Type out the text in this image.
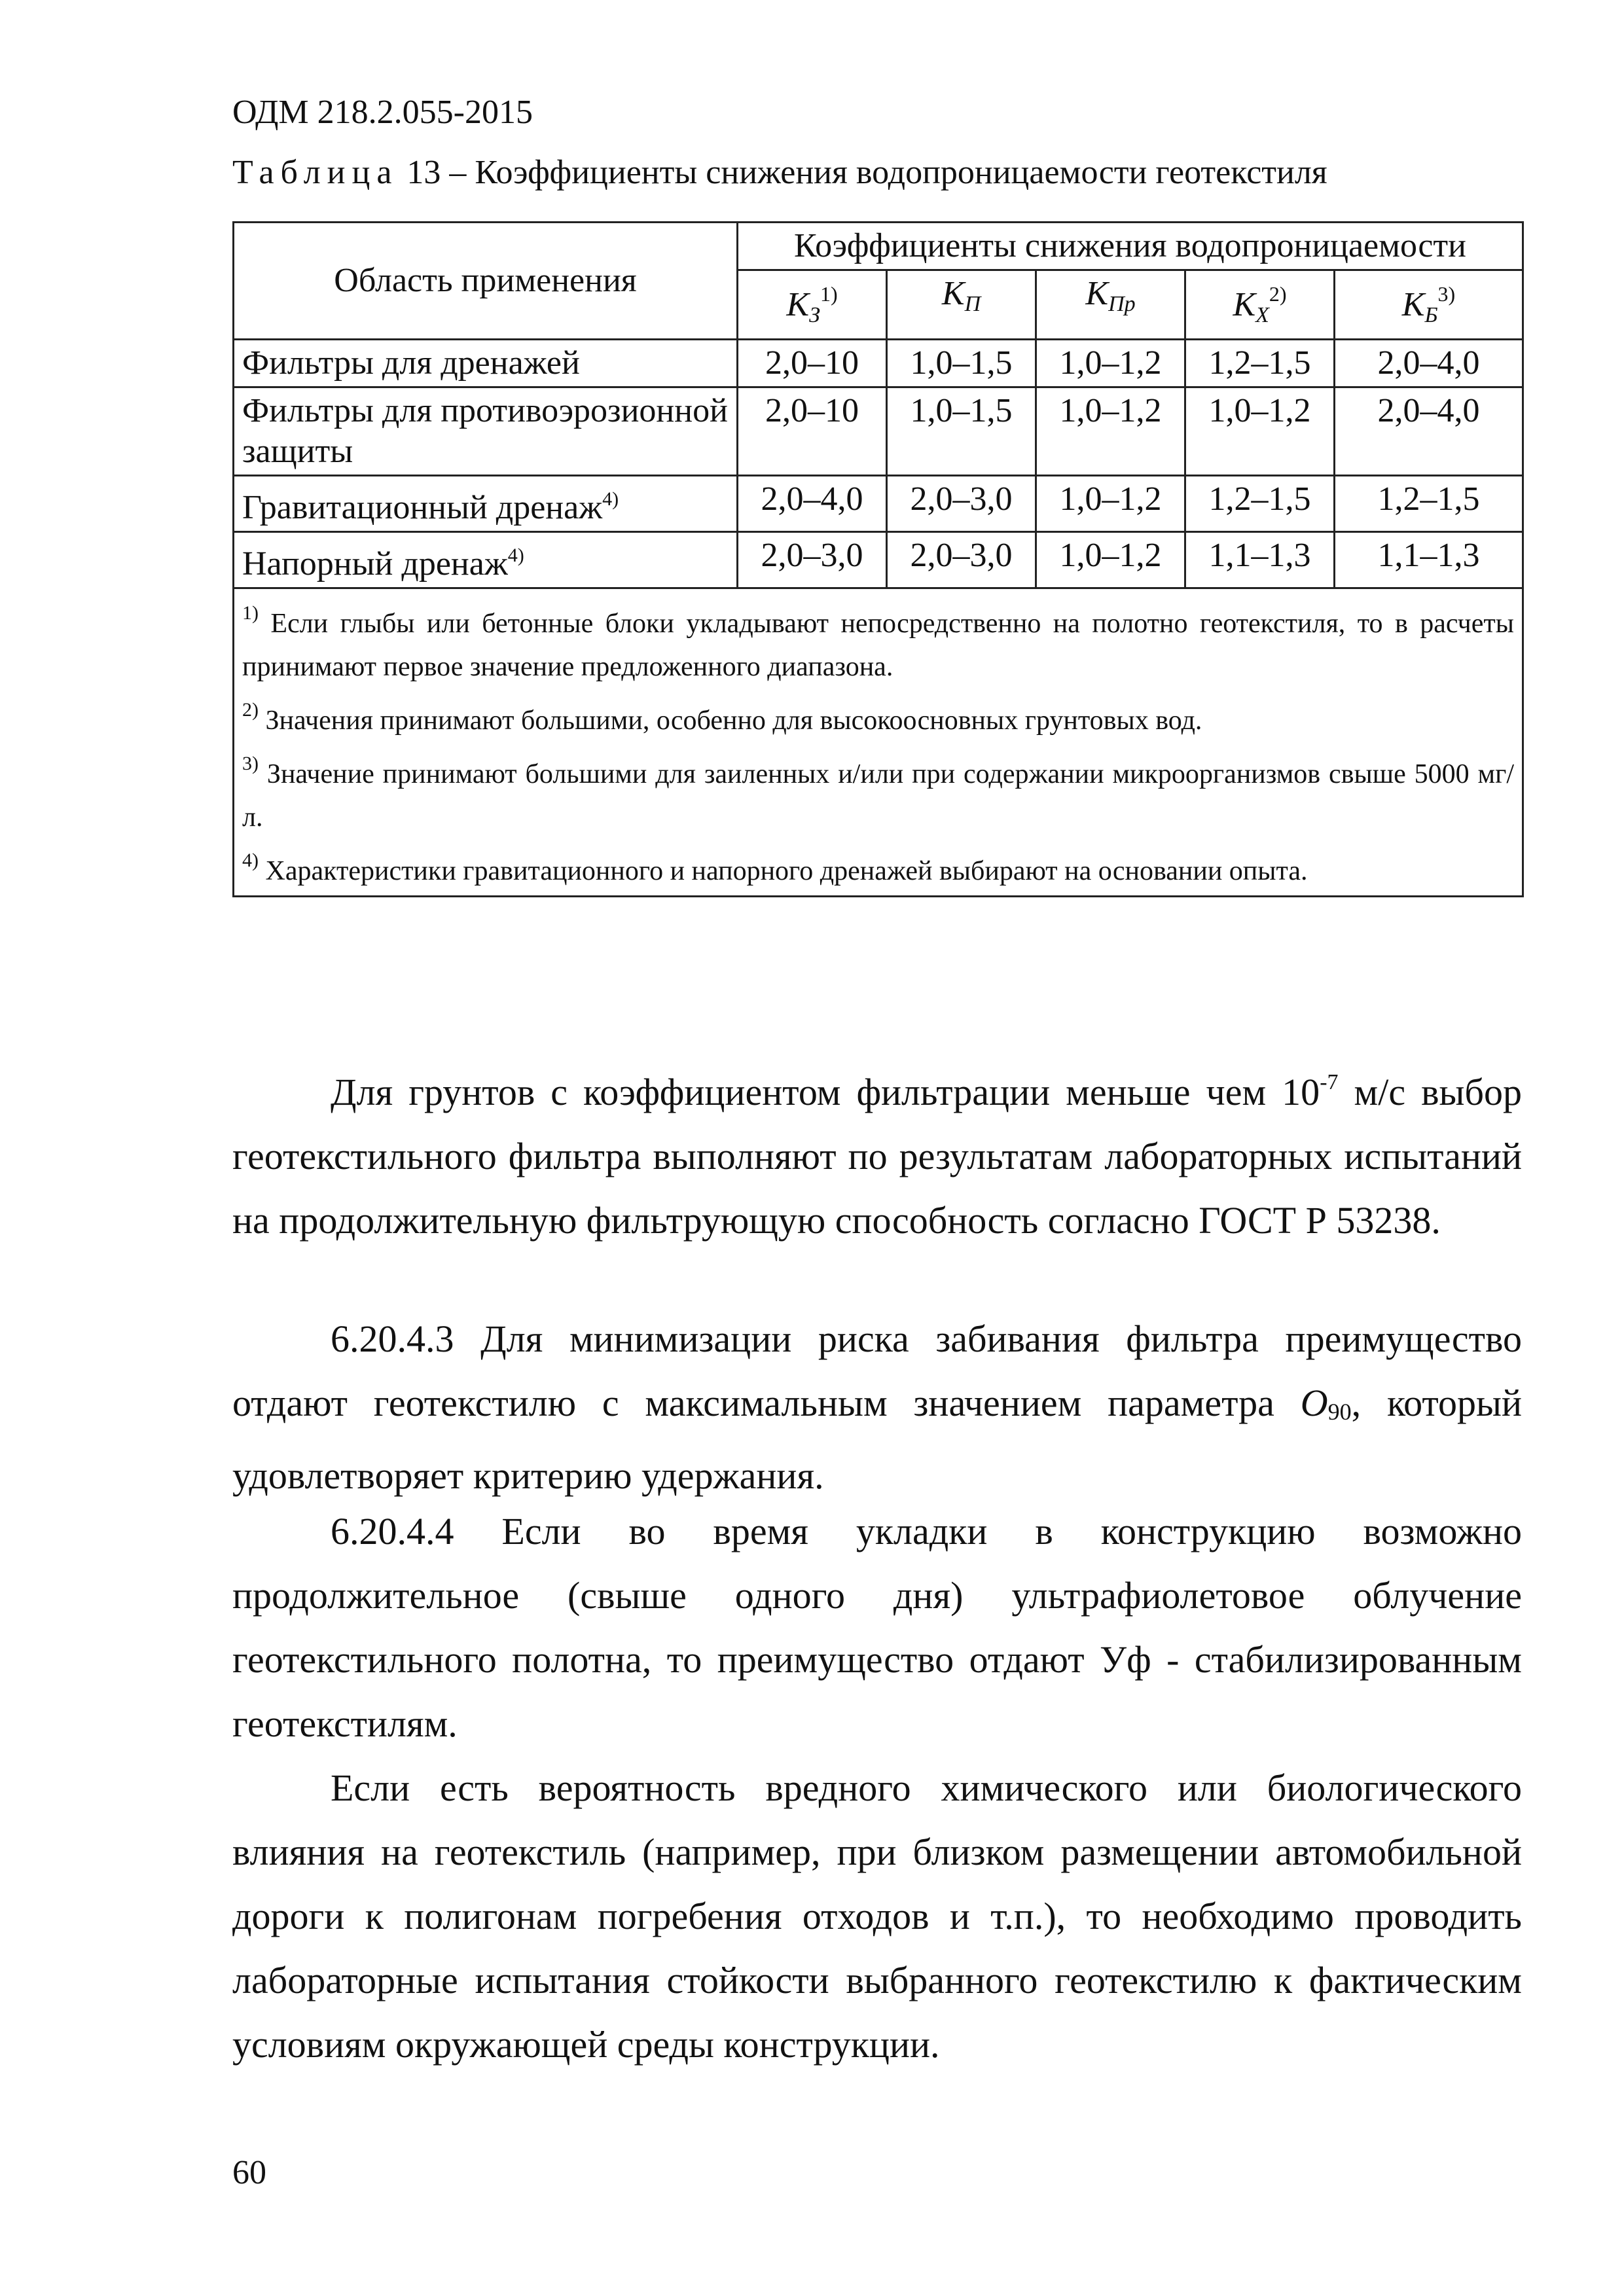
ОДМ 218.2.055-2015
Таблица 13 – Коэффициенты снижения водопроницаемости геотекстиля
Область применения	Коэффициенты снижения водопроницаемости				
	$K_З^{1)}$	$K_П$	$K_{Пр}$	$K_Х^{2)}$	$K_Б^{3)}$
Фильтры для дренажей	2,0–10	1,0–1,5	1,0–1,2	1,2–1,5	2,0–4,0
Фильтры для противоэрозионной защиты	2,0–10	1,0–1,5	1,0–1,2	1,0–1,2	2,0–4,0
Гравитационный дренаж$^{4)}$	2,0–4,0	2,0–3,0	1,0–1,2	1,2–1,5	1,2–1,5
Напорный дренаж$^{4)}$	2,0–3,0	2,0–3,0	1,0–1,2	1,1–1,3	1,1–1,3

$^{1)}$ Если глыбы или бетонные блоки укладывают непосредственно на полотно геотекстиля, то в расчеты принимают первое значение предложенного диапазона.
$^{2)}$ Значения принимают большими, особенно для высокоосновных грунтовых вод.
$^{3)}$ Значение принимают большими для заиленных и/или при содержании микроорганизмов свыше 5000 мг/л.
$^{4)}$ Характеристики гравитационного и напорного дренажей выбирают на основании опыта.					
Для грунтов с коэффициентом фильтрации меньше чем $10^{-7}$ м/с выбор геотекстильного фильтра выполняют по результатам лабораторных испытаний на продолжительную фильтрующую способность согласно ГОСТ Р 53238.
6.20.4.3 Для минимизации риска забивания фильтра преимущество отдают геотекстилю с максимальным значением параметра O90, который удовлетворяет критерию удержания.
6.20.4.4 Если во время укладки в конструкцию возможно продолжительное (свыше одного дня) ультрафиолетовое облучение геотекстильного полотна, то преимущество отдают Уф - стабилизированным геотекстилям.
Если есть вероятность вредного химического или биологического влияния на геотекстиль (например, при близком размещении автомобильной дороги к полигонам погребения отходов и т.п.), то необходимо проводить лабораторные испытания стойкости выбранного геотекстилю к фактическим условиям окружающей среды конструкции.
60
